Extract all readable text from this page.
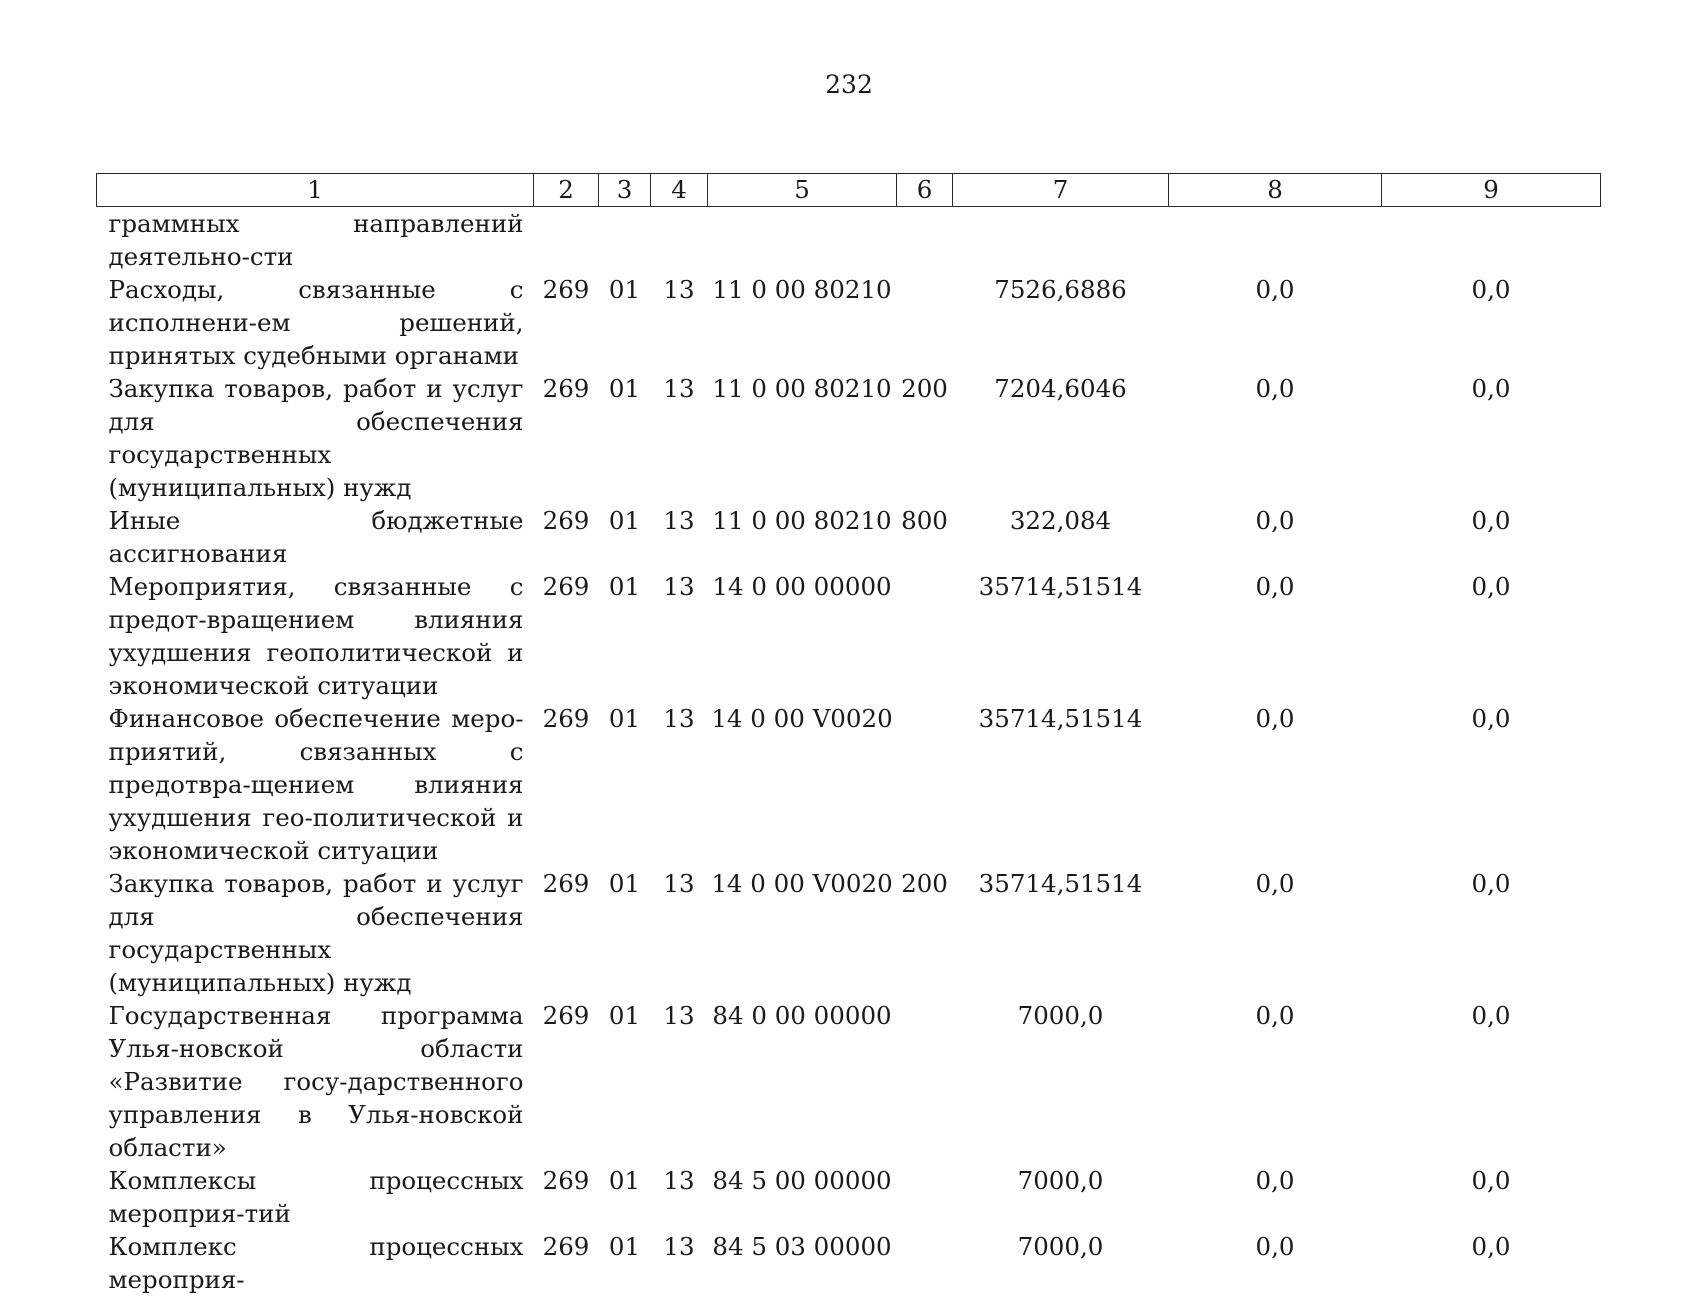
232
1	2	3	4	5	6	7	8	9
граммных направлений деятельно-сти								
Расходы, связанные с исполнени-ем решений, принятых судебными органами	269	01	13	11 0 00 80210		7526,6886	0,0	0,0
Закупка товаров, работ и услуг для обеспечения государственных (муниципальных) нужд	269	01	13	11 0 00 80210	200	7204,6046	0,0	0,0
Иные бюджетные ассигнования	269	01	13	11 0 00 80210	800	322,084	0,0	0,0
Мероприятия, связанные с предот-вращением влияния ухудшения геополитической и экономической ситуации	269	01	13	14 0 00 00000		35714,51514	0,0	0,0
Финансовое обеспечение меро-приятий, связанных с предотвра-щением влияния ухудшения гео-политической и экономической ситуации	269	01	13	14 0 00 V0020		35714,51514	0,0	0,0
Закупка товаров, работ и услуг для обеспечения государственных (муниципальных) нужд	269	01	13	14 0 00 V0020	200	35714,51514	0,0	0,0
Государственная программа Улья-новской области «Развитие госу-дарственного управления в Улья-новской области»	269	01	13	84 0 00 00000		7000,0	0,0	0,0
Комплексы процессных мероприя-тий	269	01	13	84 5 00 00000		7000,0	0,0	0,0
Комплекс процессных мероприя-	269	01	13	84 5 03 00000		7000,0	0,0	0,0
